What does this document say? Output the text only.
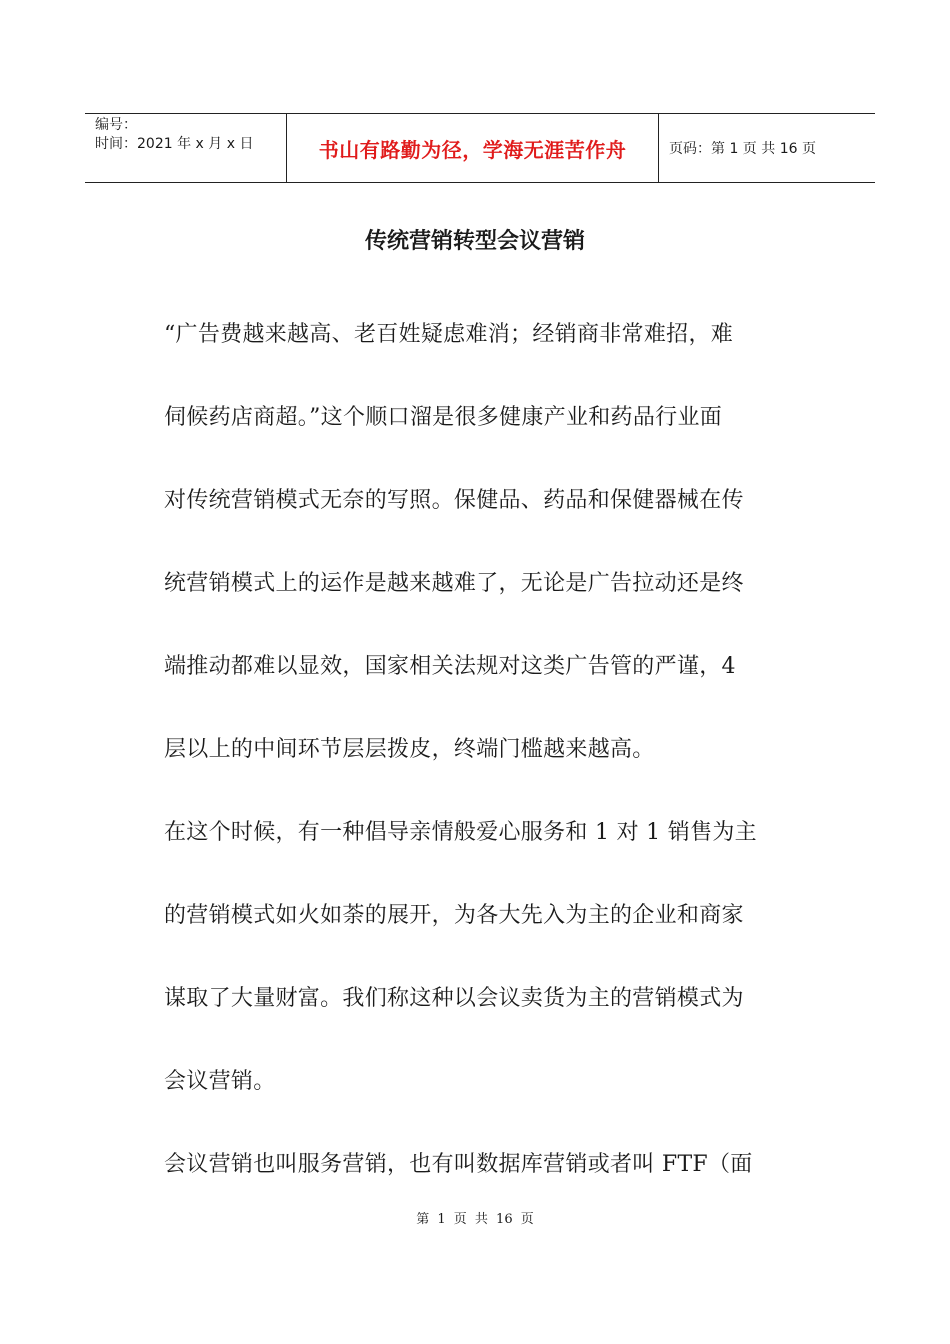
编号：
时间：2021 年 x 月 x 日	书山有路勤为径，学海无涯苦作舟	页码：第 1 页 共 16 页
传统营销转型会议营销
“广告费越来越高、老百姓疑虑难消；经销商非常难招，难
伺候药店商超。”这个顺口溜是很多健康产业和药品行业面
对传统营销模式无奈的写照。保健品、药品和保健器械在传
统营销模式上的运作是越来越难了，无论是广告拉动还是终
端推动都难以显效，国家相关法规对这类广告管的严谨，4
层以上的中间环节层层拨皮，终端门槛越来越高。
在这个时候，有一种倡导亲情般爱心服务和 1 对 1 销售为主
的营销模式如火如荼的展开，为各大先入为主的企业和商家
谋取了大量财富。我们称这种以会议卖货为主的营销模式为
会议营销。
会议营销也叫服务营销，也有叫数据库营销或者叫 FTF（面
第 1 页 共 16 页
